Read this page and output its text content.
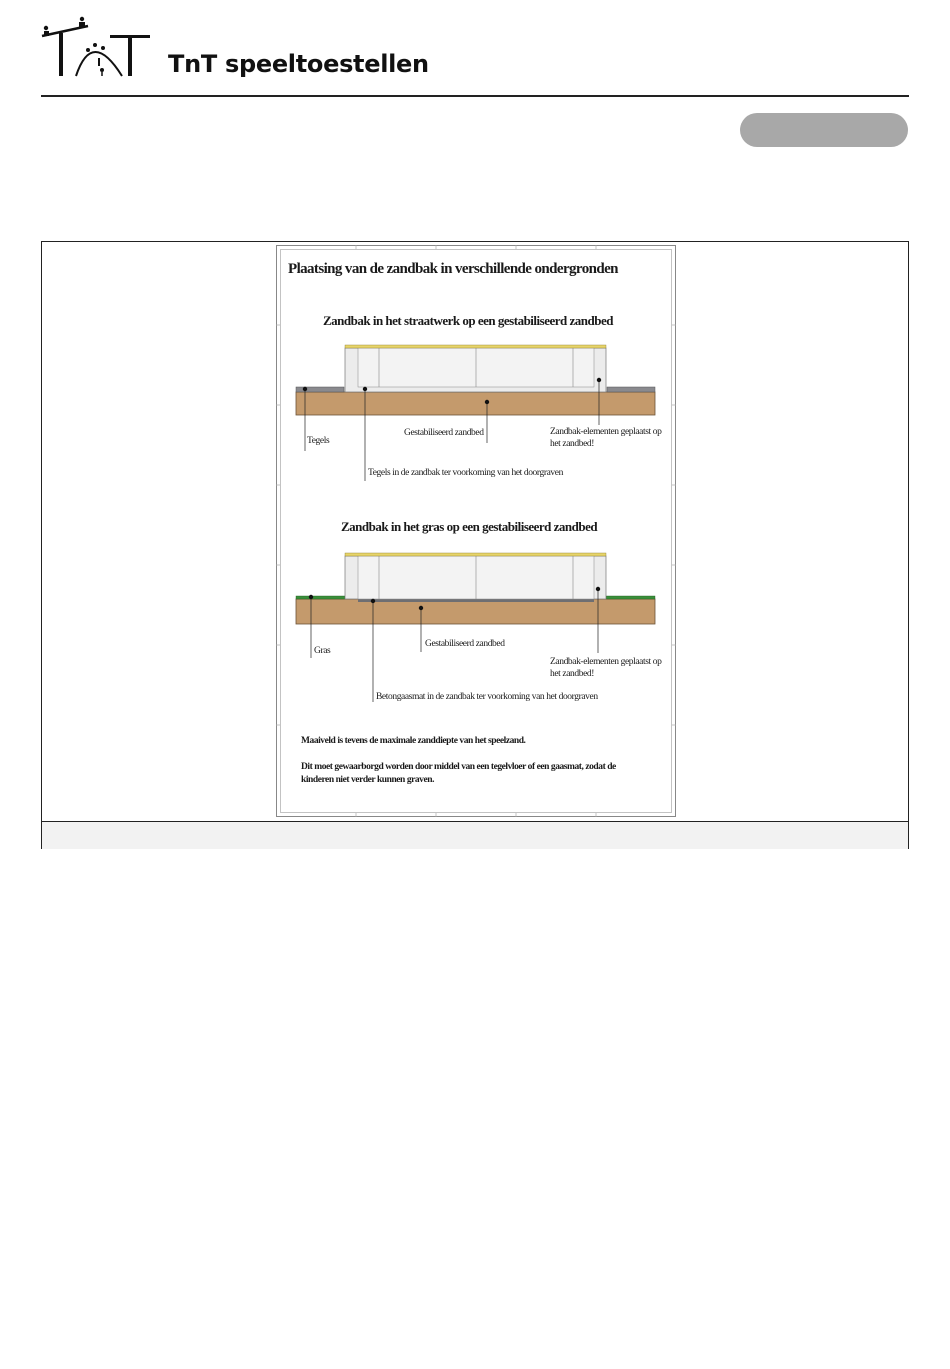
TnT speeltoestellen
Plaatsing van de zandbak in verschillende ondergronden
Zandbak in het straatwerk op een gestabiliseerd zandbed
Tegels
Gestabiliseerd zandbed	Zandbak-elementen geplaatst op het zandbed!
Tegels in de zandbak ter voorkoming van het doorgraven
Zandbak in het gras op een gestabiliseerd zandbed
Gras
Gestabiliseerd zandbed
Zandbak-elementen geplaatst op het zandbed!
Betongaasmat in de zandbak ter voorkoming van het doorgraven
Maaiveld is tevens de maximale zanddiepte van het speelzand.
Dit moet gewaarborgd worden door middel van een tegelvloer of een gaasmat, zodat de kinderen niet verder kunnen graven.
